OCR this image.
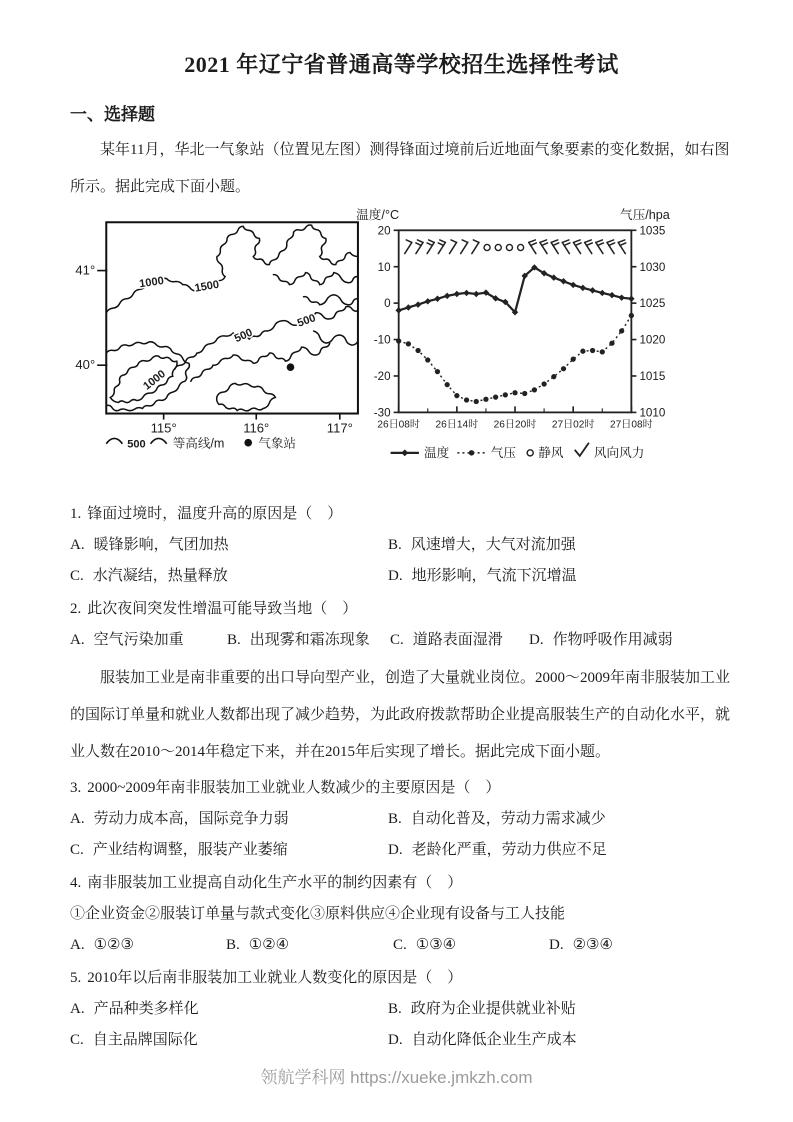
2021 年辽宁省普通高等学校招生选择性考试
一、选择题
某年11月，华北一气象站（位置见左图）测得锋面过境前后近地面气象要素的变化数据，如右图所示。据此完成下面小题。
41°
40°
115°	116°	117°
1000	1500
500
500
1000
500 等高线/m	气象站
温度/°C	气压/hpa
20
10
0
-10
-20
-30
1035
1030
1025
1020
1015
1010
26日08时 26日14时 26日20时 27日02时 27日08时
温度	气压 静风 风向风力
1. 锋面过境时，温度升高的原因是（　）
A. 暖锋影响，气团加热	B. 风速增大，大气对流加强
C. 水汽凝结，热量释放	D. 地形影响，气流下沉增温
2. 此次夜间突发性增温可能导致当地（　）
A. 空气污染加重	B. 出现雾和霜冻现象	C. 道路表面湿滑	D. 作物呼吸作用减弱
服装加工业是南非重要的出口导向型产业，创造了大量就业岗位。2000～2009年南非服装加工业的国际订单量和就业人数都出现了减少趋势，为此政府拨款帮助企业提高服装生产的自动化水平，就业人数在2010～2014年稳定下来，并在2015年后实现了增长。据此完成下面小题。
3. 2000~2009年南非服装加工业就业人数减少的主要原因是（　）
A. 劳动力成本高，国际竞争力弱	B. 自动化普及，劳动力需求减少
C. 产业结构调整，服装产业萎缩	D. 老龄化严重，劳动力供应不足
4. 南非服装加工业提高自动化生产水平的制约因素有（　）
①企业资金②服装订单量与款式变化③原料供应④企业现有设备与工人技能
A. ①②③	B. ①②④	C. ①③④	D. ②③④
5. 2010年以后南非服装加工业就业人数变化的原因是（　）
A. 产品种类多样化	B. 政府为企业提供就业补贴
C. 自主品牌国际化	D. 自动化降低企业生产成本
领航学科网 https://xueke.jmkzh.com
